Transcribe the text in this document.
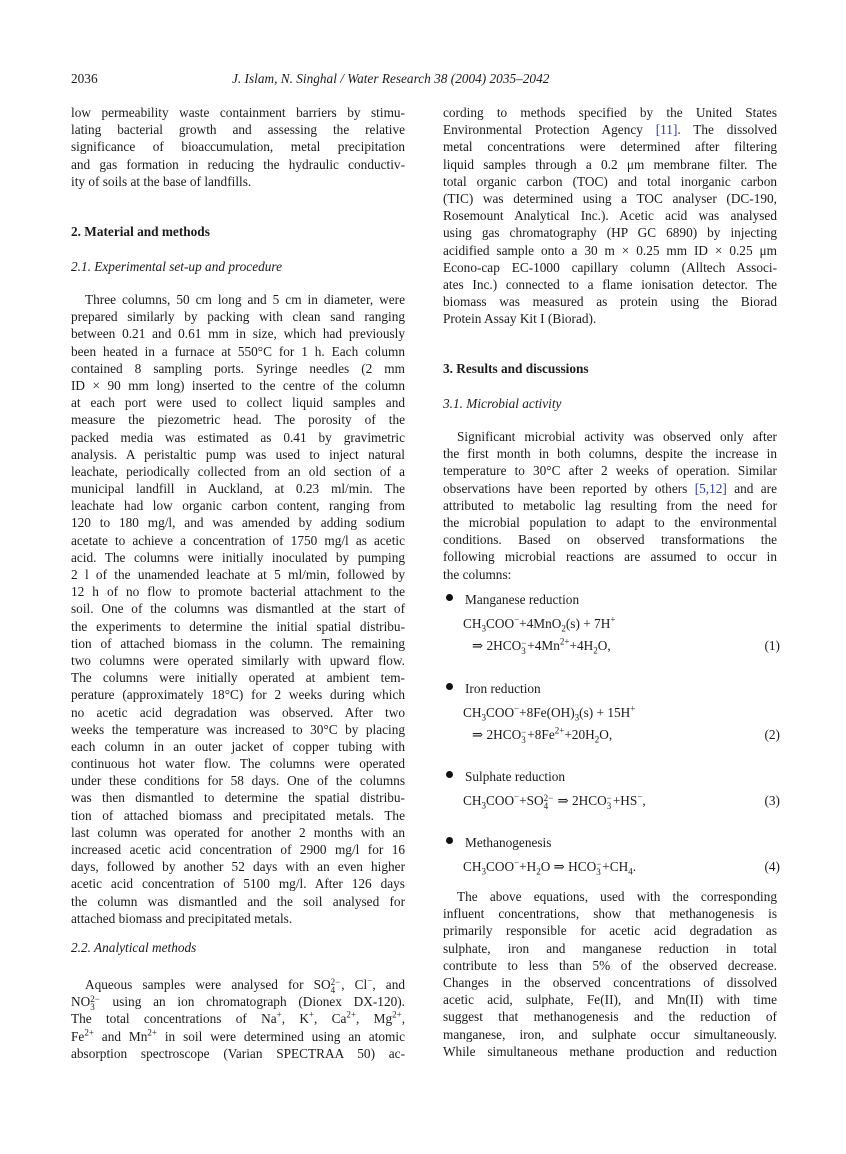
2036	J. Islam, N. Singhal / Water Research 38 (2004) 2035–2042
low permeability waste containment barriers by stimu-
lating bacterial growth and assessing the relative
significance of bioaccumulation, metal precipitation
and gas formation in reducing the hydraulic conductiv-
ity of soils at the base of landfills.
2. Material and methods
2.1. Experimental set-up and procedure
Three columns, 50 cm long and 5 cm in diameter, were
prepared similarly by packing with clean sand ranging
between 0.21 and 0.61 mm in size, which had previously
been heated in a furnace at 550°C for 1 h. Each column
contained 8 sampling ports. Syringe needles (2 mm
ID × 90 mm long) inserted to the centre of the column
at each port were used to collect liquid samples and
measure the piezometric head. The porosity of the
packed media was estimated as 0.41 by gravimetric
analysis. A peristaltic pump was used to inject natural
leachate, periodically collected from an old section of a
municipal landfill in Auckland, at 0.23 ml/min. The
leachate had low organic carbon content, ranging from
120 to 180 mg/l, and was amended by adding sodium
acetate to achieve a concentration of 1750 mg/l as acetic
acid. The columns were initially inoculated by pumping
2 l of the unamended leachate at 5 ml/min, followed by
12 h of no flow to promote bacterial attachment to the
soil. One of the columns was dismantled at the start of
the experiments to determine the initial spatial distribu-
tion of attached biomass in the column. The remaining
two columns were operated similarly with upward flow.
The columns were initially operated at ambient tem-
perature (approximately 18°C) for 2 weeks during which
no acetic acid degradation was observed. After two
weeks the temperature was increased to 30°C by placing
each column in an outer jacket of copper tubing with
continuous hot water flow. The columns were operated
under these conditions for 58 days. One of the columns
was then dismantled to determine the spatial distribu-
tion of attached biomass and precipitated metals. The
last column was operated for another 2 months with an
increased acetic acid concentration of 2900 mg/l for 16
days, followed by another 52 days with an even higher
acetic acid concentration of 5100 mg/l. After 126 days
the column was dismantled and the soil analysed for
attached biomass and precipitated metals.
2.2. Analytical methods
Aqueous samples were analysed for SO 2−
4 , Cl−, and
NO 2−
3 using an ion chromatograph (Dionex DX-120).
The total concentrations of Na+, K+, $Ca^{2+}$, $Mg^{2+}$,
$Fe^{2+}$ and $Mn^{2+}$ in soil were determined using an atomic
absorption spectroscope (Varian SPECTRAA 50) ac-
cording to methods specified by the United States
Environmental Protection Agency [11]. The dissolved
metal concentrations were determined after filtering
liquid samples through a 0.2 μm membrane filter. The
total organic carbon (TOC) and total inorganic carbon
(TIC) was determined using a TOC analyser (DC-190,
Rosemount Analytical Inc.). Acetic acid was analysed
using gas chromatography (HP GC 6890) by injecting
acidified sample onto a 30 m × 0.25 mm ID × 0.25 μm
Econo-cap EC-1000 capillary column (Alltech Associ-
ates Inc.) connected to a flame ionisation detector. The
biomass was measured as protein using the Biorad
Protein Assay Kit I (Biorad).
3. Results and discussions
3.1. Microbial activity
Significant microbial activity was observed only after
the first month in both columns, despite the increase in
temperature to 30°C after 2 weeks of operation. Similar
observations have been reported by others [5,12] and are
attributed to metabolic lag resulting from the need for
the microbial population to adapt to the environmental
conditions. Based on observed transformations the
following microbial reactions are assumed to occur in
the columns:
Manganese reduction
$CH_3COO^-+4MnO_2(s) + 7H^+$
⇒ 2HCO −
$3 +4Mn^{2+}+4H_2O$,	(1)
Iron reduction
$CH_3COO^-+8Fe(OH)_3(s) + 15H^+$
⇒ 2HCO −
$3 +8Fe^{2+}+20H_2O$,	(2)
Sulphate reduction
$CH_3COO^-+SO$ 2−
4 ⇒ 2HCO −
3 +HS−,	(3)
Methanogenesis
$CH_3COO^-+H_2O$ ⇒ HCO −
$3 +CH_4$.	(4)
The above equations, used with the corresponding
influent concentrations, show that methanogenesis is
primarily responsible for acetic acid degradation as
sulphate, iron and manganese reduction in total
contribute to less than 5% of the observed decrease.
Changes in the observed concentrations of dissolved
acetic acid, sulphate, Fe(II), and Mn(II) with time
suggest that methanogenesis and the reduction of
manganese, iron, and sulphate occur simultaneously.
While simultaneous methane production and reduction
